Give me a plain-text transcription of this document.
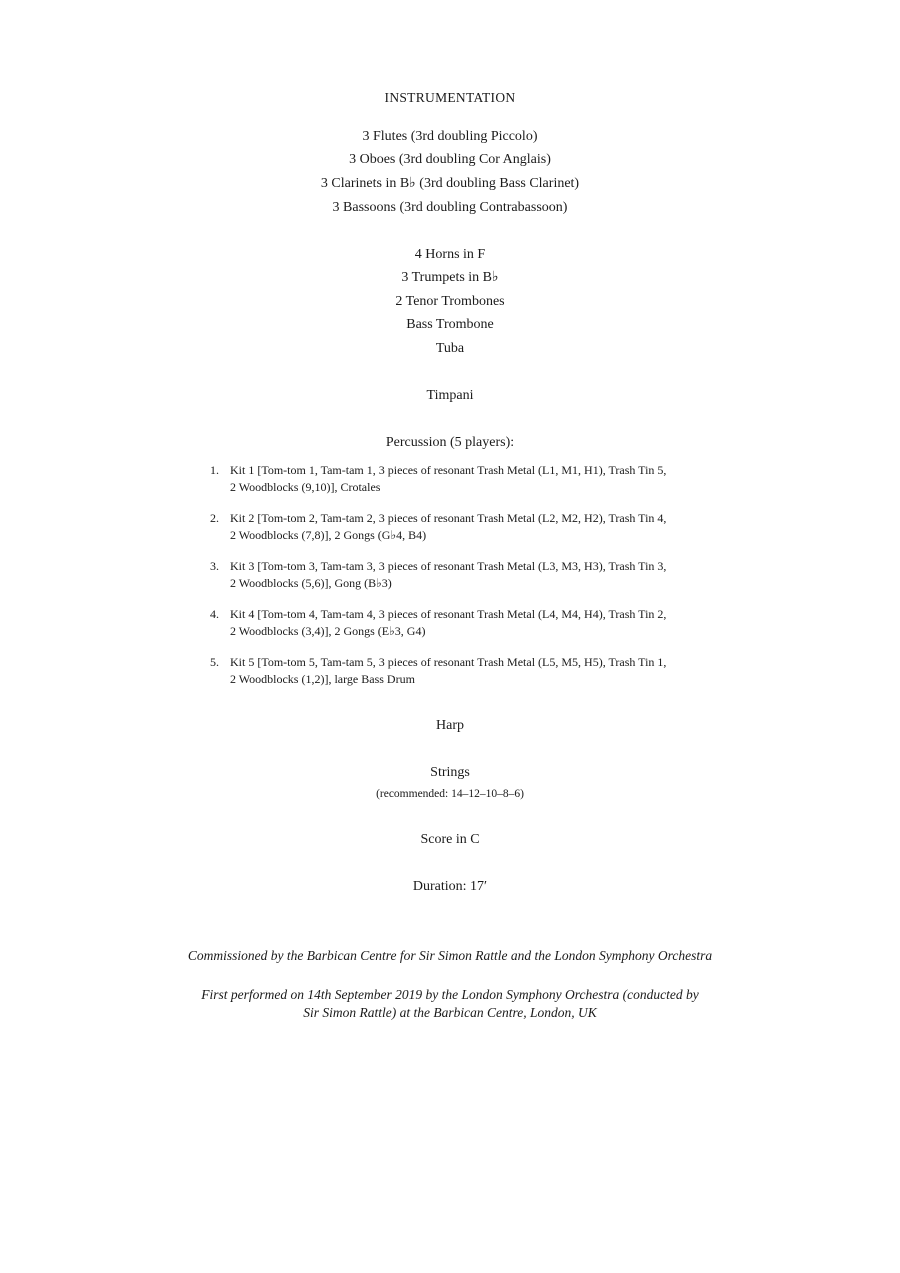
INSTRUMENTATION
3 Flutes (3rd doubling Piccolo)
3 Oboes (3rd doubling Cor Anglais)
3 Clarinets in B♭ (3rd doubling Bass Clarinet)
3 Bassoons (3rd doubling Contrabassoon)
4 Horns in F
3 Trumpets in B♭
2 Tenor Trombones
Bass Trombone
Tuba
Timpani
Percussion (5 players):
1. Kit 1 [Tom-tom 1, Tam-tam 1, 3 pieces of resonant Trash Metal (L1, M1, H1), Trash Tin 5,
2 Woodblocks (9,10)], Crotales
2. Kit 2 [Tom-tom 2, Tam-tam 2, 3 pieces of resonant Trash Metal (L2, M2, H2), Trash Tin 4,
2 Woodblocks (7,8)], 2 Gongs (G♭4, B4)
3. Kit 3 [Tom-tom 3, Tam-tam 3, 3 pieces of resonant Trash Metal (L3, M3, H3), Trash Tin 3,
2 Woodblocks (5,6)], Gong (B♭3)
4. Kit 4 [Tom-tom 4, Tam-tam 4, 3 pieces of resonant Trash Metal (L4, M4, H4), Trash Tin 2,
2 Woodblocks (3,4)], 2 Gongs (E♭3, G4)
5. Kit 5 [Tom-tom 5, Tam-tam 5, 3 pieces of resonant Trash Metal (L5, M5, H5), Trash Tin 1,
2 Woodblocks (1,2)], large Bass Drum
Harp
Strings
(recommended: 14–12–10–8–6)
Score in C
Duration: 17′
Commissioned by the Barbican Centre for Sir Simon Rattle and the London Symphony Orchestra
First performed on 14th September 2019 by the London Symphony Orchestra (conducted by
Sir Simon Rattle) at the Barbican Centre, London, UK
